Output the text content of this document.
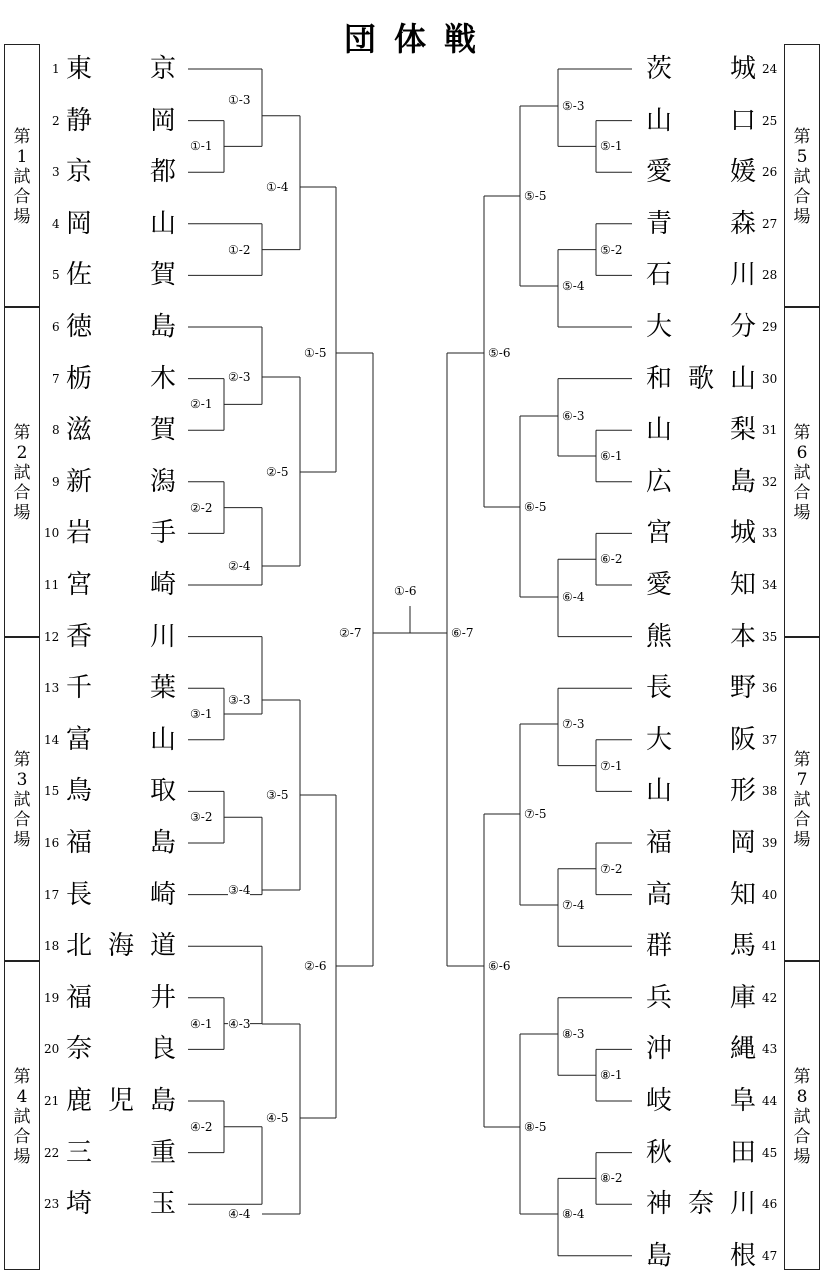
団体戦
1 東 京
2 静 岡
3 京 都
4 岡 山
5 佐 賀
6 徳 島
7 栃 木
8 滋 賀
9 新 潟
10 岩 手
11 宮 崎
12 香 川
13 千 葉
14 富 山
15 鳥 取
16 福 島
17 長 崎
18 北 海 道
19 福 井
20 奈 良
21 鹿 児 島
22 三 重
23 埼 玉
茨 城 24
山 口 25
愛 媛 26
青 森 27
石 川 28
大 分 29
和 歌 山 30
山 梨 31
広 島 32
宮 城 33
愛 知 34
熊 本 35
長 野 36
大 阪 37
山 形 38
福 岡 39
高 知 40
群 馬 41
兵 庫 42
沖 縄 43
岐 阜 44
秋 田 45
神 奈 川 46
島 根 47
第
1
試
合
場
第
2
試
合
場
第
3
試
合
場
第
4
試
合
場
第
5
試
合
場
第
6
試
合
場
第
7
試
合
場
第
8
試
合
場
①-1
①-3
①-2
①-4
②-1
②-3
②-2
②-4
②-5
①-5
③-1
③-3
③-2
③-4
③-5
④-1 ④-3
④-2
④-4
④-5
②-6
②-7
⑤-1
⑤-3
⑤-2
⑤-4
⑤-5
⑥-1
⑥-3
⑥-2
⑥-4
⑥-5
⑤-6
⑦-1
⑦-3
⑦-2
⑦-4
⑦-5
⑧-1
⑧-3
⑧-2
⑧-4
⑧-5
⑥-6
⑥-7
①-6
